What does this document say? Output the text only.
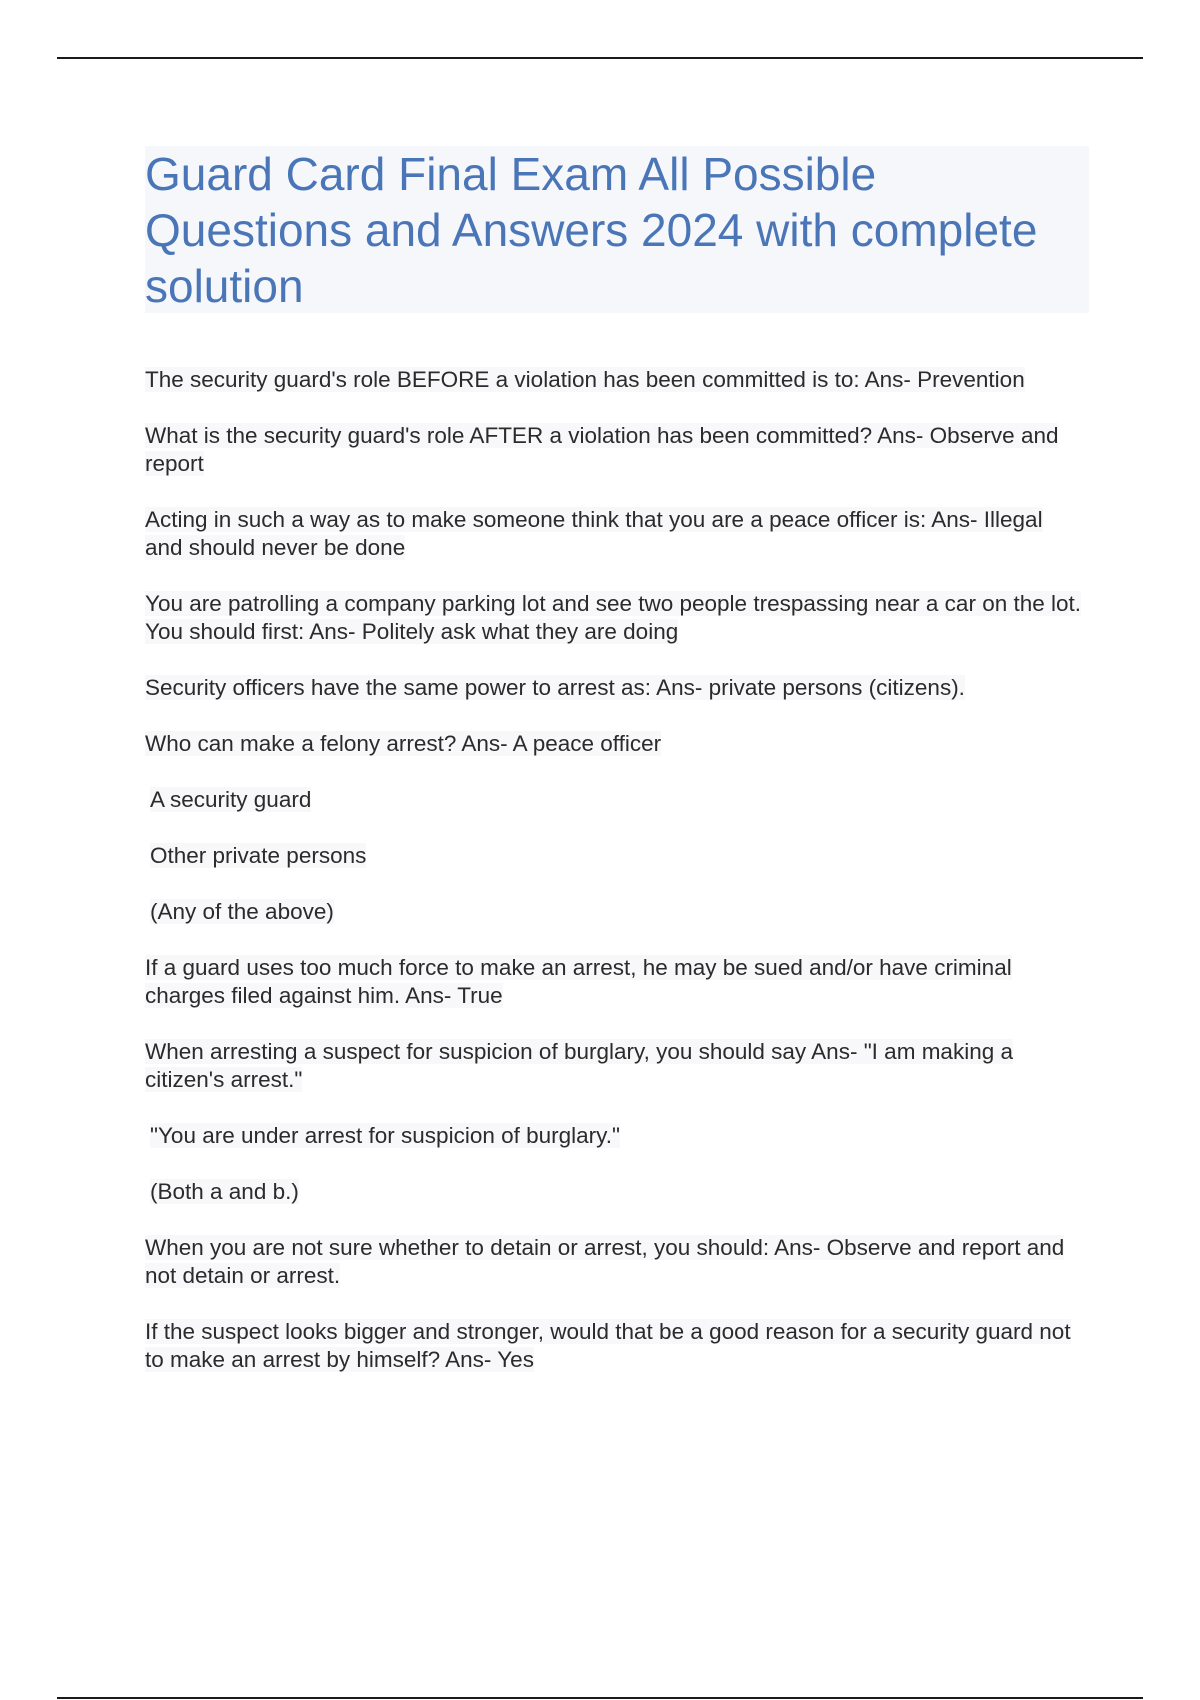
Guard Card Final Exam All Possible Questions and Answers 2024 with complete solution
The security guard's role BEFORE a violation has been committed is to: Ans- Prevention
What is the security guard's role AFTER a violation has been committed? Ans- Observe and report
Acting in such a way as to make someone think that you are a peace officer is: Ans- Illegal and should never be done
You are patrolling a company parking lot and see two people trespassing near a car on the lot. You should first: Ans- Politely ask what they are doing
Security officers have the same power to arrest as: Ans- private persons (citizens).
Who can make a felony arrest? Ans- A peace officer
A security guard
Other private persons
(Any of the above)
If a guard uses too much force to make an arrest, he may be sued and/or have criminal charges filed against him. Ans- True
When arresting a suspect for suspicion of burglary, you should say Ans- "I am making a citizen's arrest."
"You are under arrest for suspicion of burglary."
(Both a and b.)
When you are not sure whether to detain or arrest, you should: Ans- Observe and report and not detain or arrest.
If the suspect looks bigger and stronger, would that be a good reason for a security guard not to make an arrest by himself? Ans- Yes
